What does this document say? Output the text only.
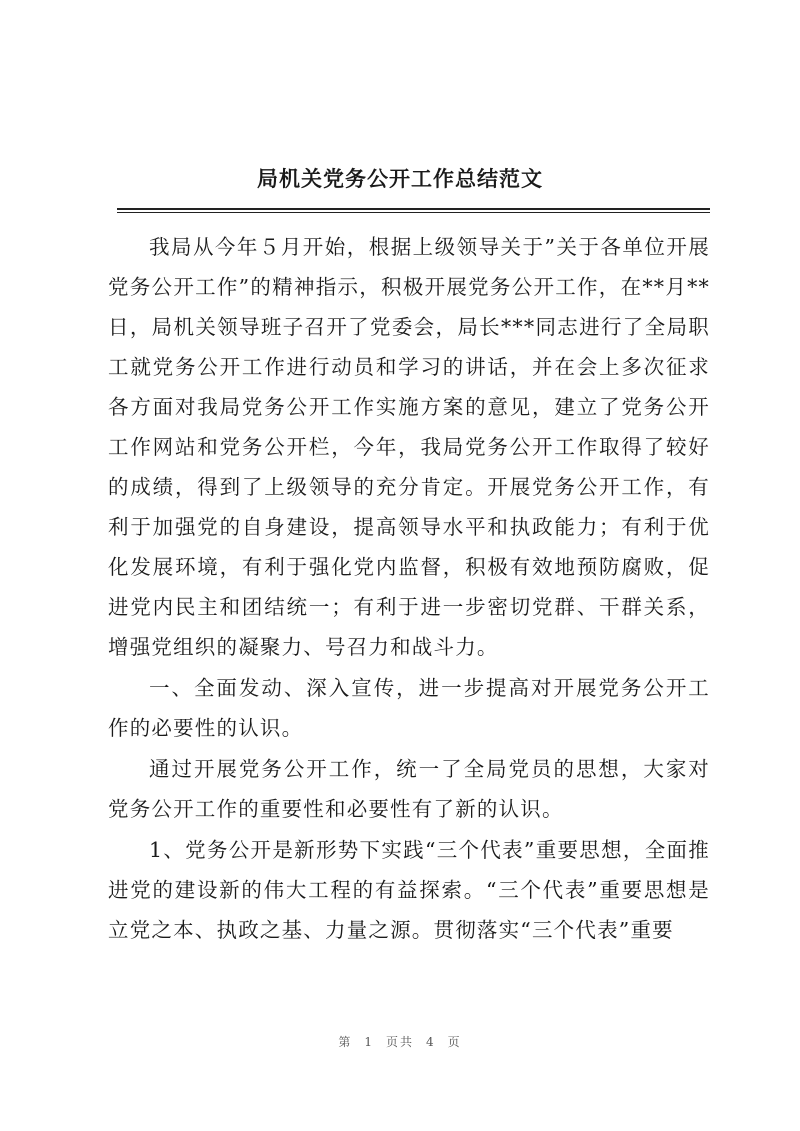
局机关党务公开工作总结范文

我局从今年５月开始，根据上级领导关于”关于各单位开展党务公开工作”的精神指示，积极开展党务公开工作，在**月**日，局机关领导班子召开了党委会，局长***同志进行了全局职工就党务公开工作进行动员和学习的讲话，并在会上多次征求各方面对我局党务公开工作实施方案的意见，建立了党务公开工作网站和党务公开栏，今年，我局党务公开工作取得了较好的成绩，得到了上级领导的充分肯定。开展党务公开工作，有利于加强党的自身建设，提高领导水平和执政能力；有利于优化发展环境，有利于强化党内监督，积极有效地预防腐败，促进党内民主和团结统一；有利于进一步密切党群、干群关系，增强党组织的凝聚力、号召力和战斗力。

一、全面发动、深入宣传，进一步提高对开展党务公开工作的必要性的认识。

通过开展党务公开工作，统一了全局党员的思想，大家对党务公开工作的重要性和必要性有了新的认识。

1、党务公开是新形势下实践“三个代表”重要思想，全面推进党的建设新的伟大工程的有益探索。“三个代表”重要思想是立党之本、执政之基、力量之源。贯彻落实“三个代表”重要

第 1 页共 4 页
